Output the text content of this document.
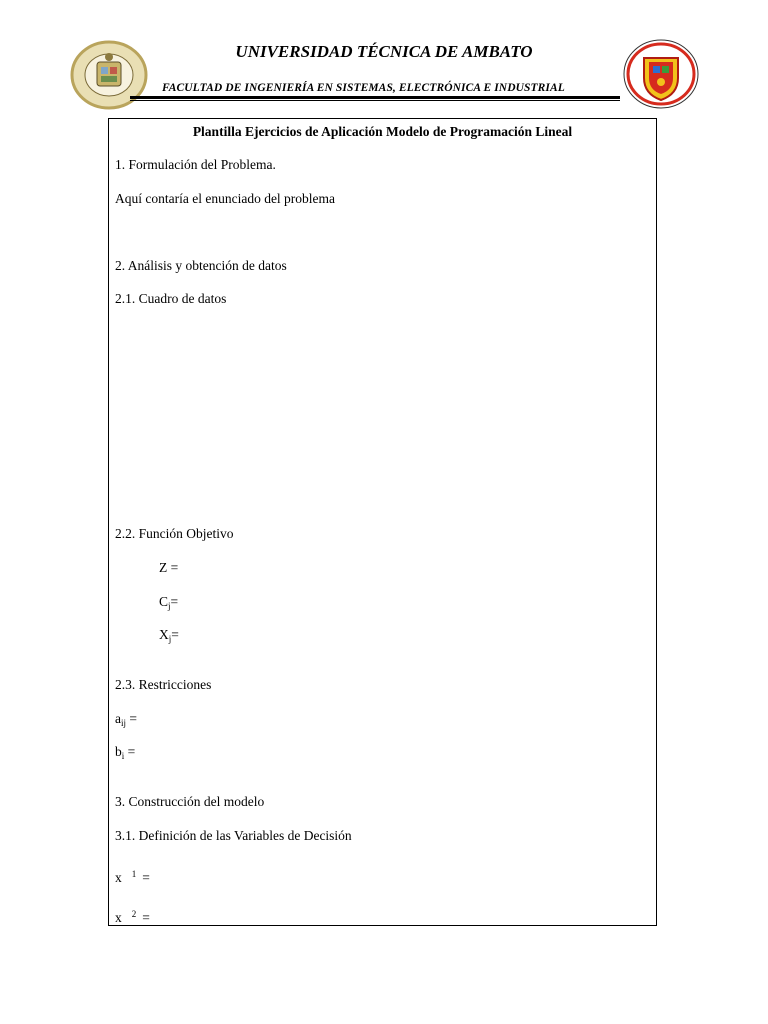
UNIVERSIDAD TÉCNICA DE AMBATO
FACULTAD DE INGENIERÍA EN SISTEMAS, ELECTRÓNICA E INDUSTRIAL
Plantilla Ejercicios de Aplicación Modelo de Programación Lineal
1. Formulación del Problema.
Aquí contaría el enunciado del problema
2. Análisis y obtención de datos
2.1. Cuadro de datos
2.2. Función Objetivo
Z =
$C_j=$
$X_j=$
2.3. Restricciones
$a_{ij}$ =
$b_i$ =
3. Construcción del modelo
3.1. Definición de las Variables de Decisión
x $^1$ =
x $^2$ =
